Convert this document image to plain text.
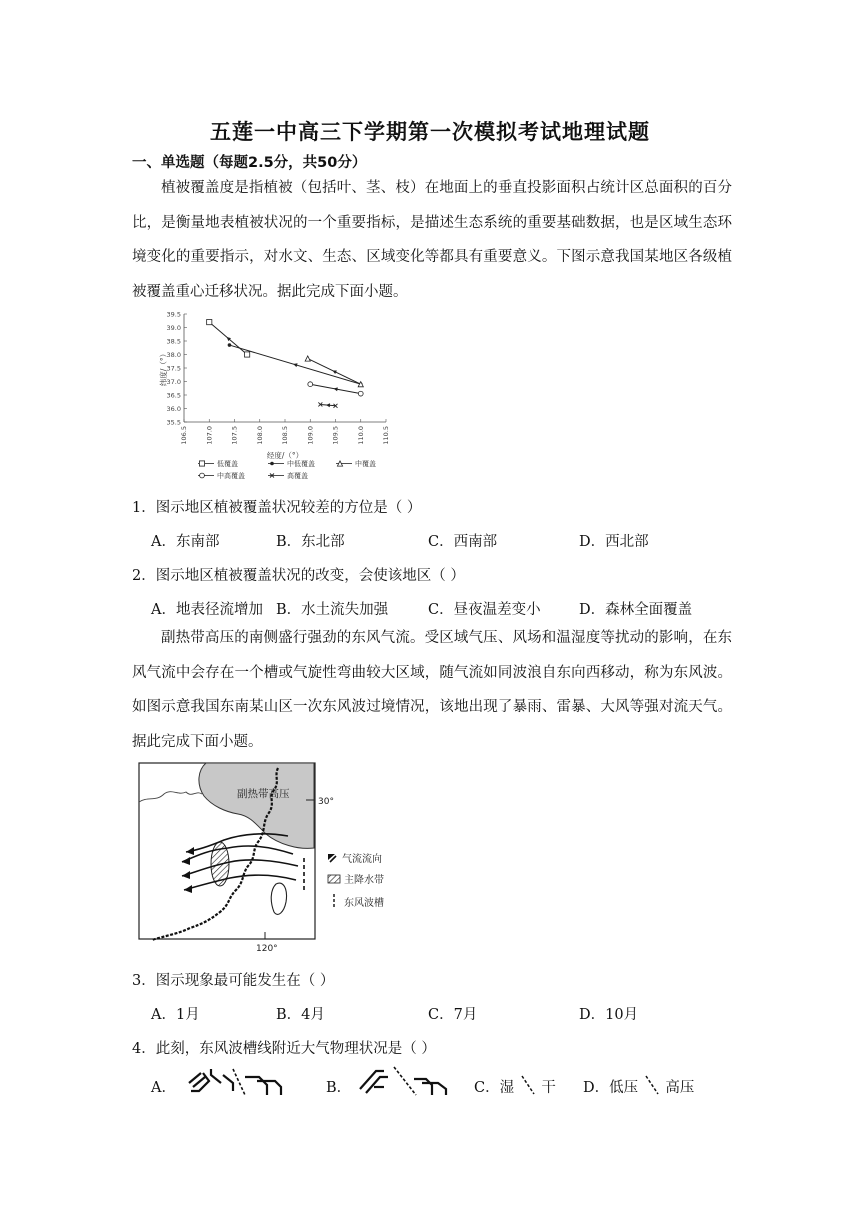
五莲一中高三下学期第一次模拟考试地理试题
一、单选题（每题2.5分，共50分）
植被覆盖度是指植被（包括叶、茎、枝）在地面上的垂直投影面积占统计区总面积的百分比，是衡量地表植被状况的一个重要指标，是描述生态系统的重要基础数据，也是区域生态环境变化的重要指示，对水文、生态、区域变化等都具有重要意义。下图示意我国某地区各级植被覆盖重心迁移状况。据此完成下面小题。
35.5
36.0
36.5
37.0
37.5
38.0
38.5
39.0
39.5
106.5	107.0	107.5	108.0	108.5	109.0	109.5	110.0	110.5
经度/（°）
纬度/（°）
低覆盖	中低覆盖	中覆盖
中高覆盖	高覆盖
1．图示地区植被覆盖状况较差的方位是（ ）
A．东南部	B．东北部	C．西南部	D．西北部
2．图示地区植被覆盖状况的改变，会使该地区（ ）
A．地表径流增加 B．水土流失加强	C．昼夜温差变小	D．森林全面覆盖
副热带高压的南侧盛行强劲的东风气流。受区域气压、风场和温湿度等扰动的影响，在东风气流中会存在一个槽或气旋性弯曲较大区域，随气流如同波浪自东向西移动，称为东风波。如图示意我国东南某山区一次东风波过境情况，该地出现了暴雨、雷暴、大风等强对流天气。据此完成下面小题。
副热带高压
30°
120°
气流流向
主降水带
东风波槽
3．图示现象最可能发生在（ ）
A．1月	B．4月	C．7月	D．10月
4．此刻，东风波槽线附近大气物理状况是（ ）
A．	B．	C．湿 干 D．低压 高压
